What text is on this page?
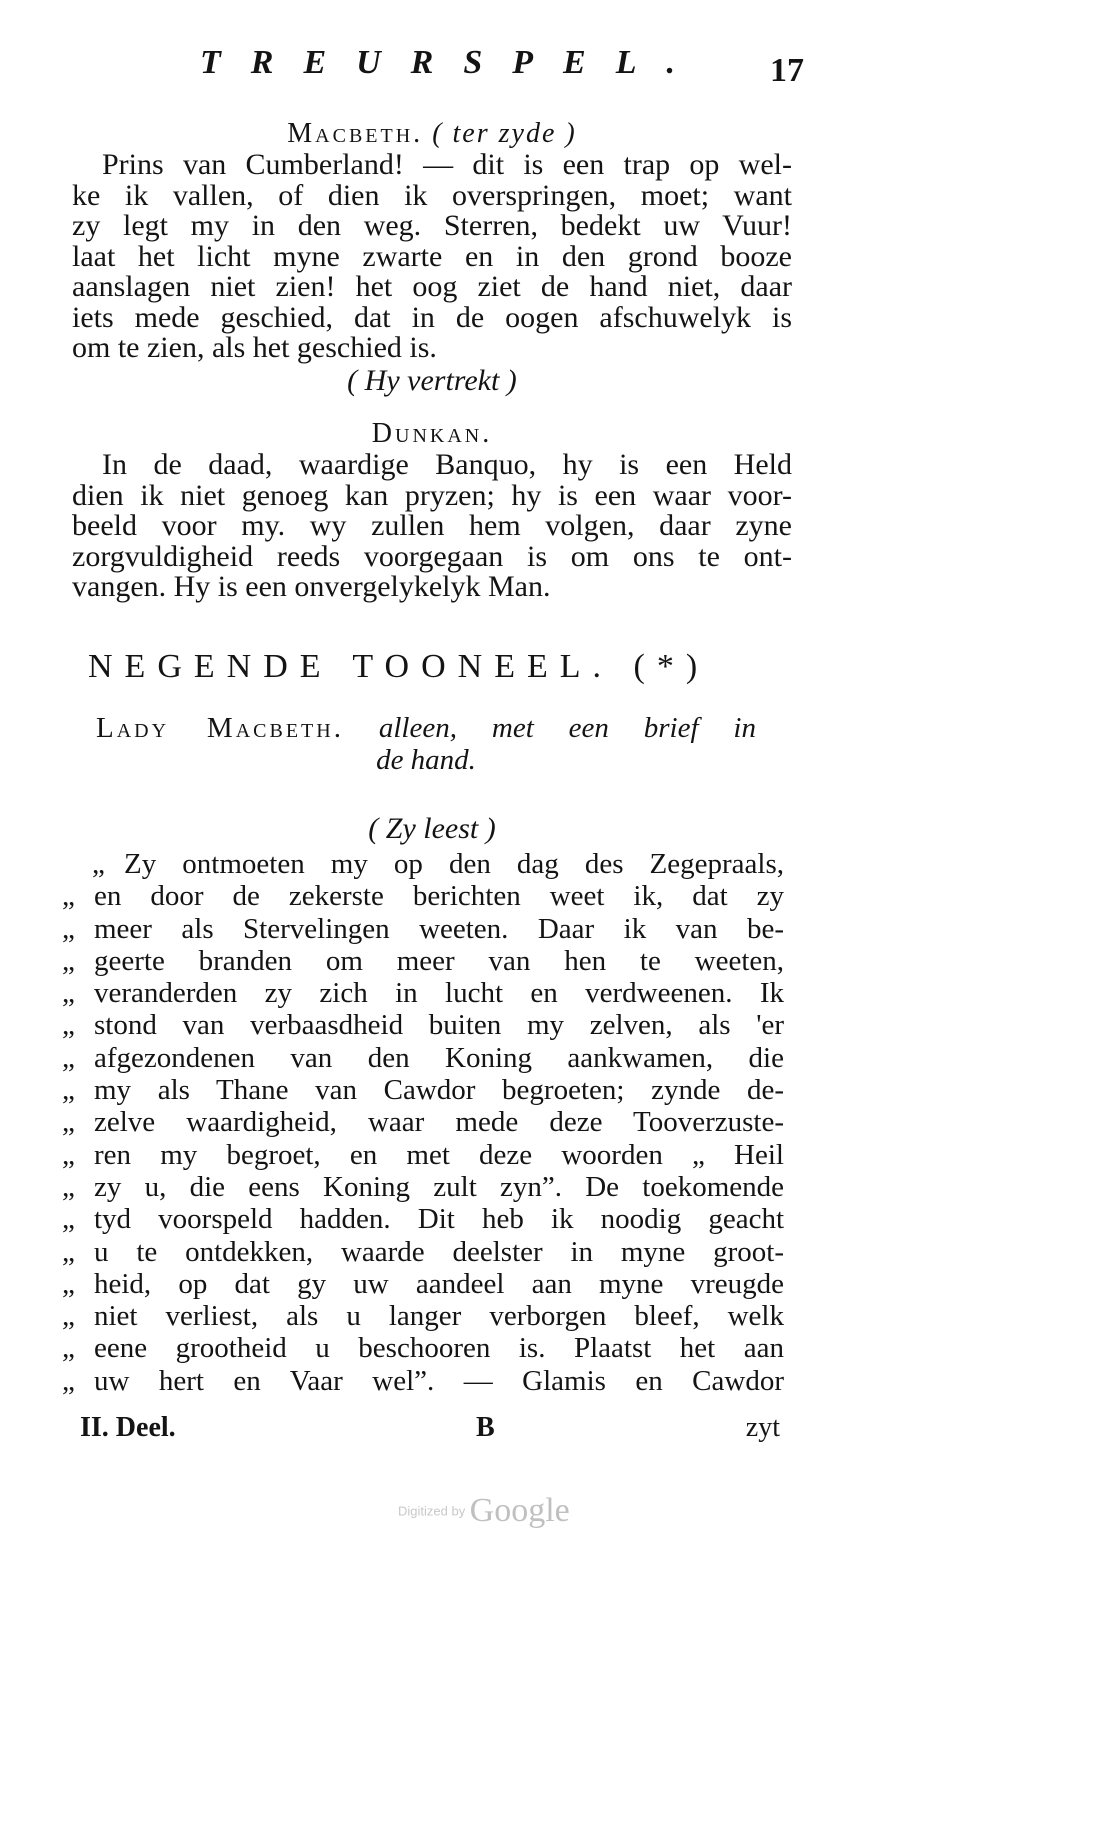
TREURSPEL.	17
Macbeth. ( ter zyde )
Prins van Cumberland! — dit is een trap op wel-
ke ik vallen, of dien ik overspringen, moet; want
zy legt my in den weg. Sterren, bedekt uw Vuur!
laat het licht myne zwarte en in den grond booze
aanslagen niet zien! het oog ziet de hand niet, daar
iets mede geschied, dat in de oogen afschuwelyk is
om te zien, als het geschied is.
( Hy vertrekt )
Dunkan.
In de daad, waardige Banquo, hy is een Held
dien ik niet genoeg kan pryzen; hy is een waar voor-
beeld voor my. wy zullen hem volgen, daar zyne
zorgvuldigheid reeds voorgegaan is om ons te ont-
vangen. Hy is een onvergelykelyk Man.
NEGENDE TOONEEL. (*)
Lady Macbeth. alleen, met een brief in
de hand.
( Zy leest )
„ Zy ontmoeten my op den dag des Zegepraals,
„ en door de zekerste berichten weet ik, dat zy
„ meer als Stervelingen weeten. Daar ik van be-
„ geerte branden om meer van hen te weeten,
„ veranderden zy zich in lucht en verdweenen. Ik
„ stond van verbaasdheid buiten my zelven, als 'er
„ afgezondenen van den Koning aankwamen, die
„ my als Thane van Cawdor begroeten; zynde de-
„ zelve waardigheid, waar mede deze Tooverzuste-
„ ren my begroet, en met deze woorden „ Heil
„ zy u, die eens Koning zult zyn”. De toekomende
„ tyd voorspeld hadden. Dit heb ik noodig geacht
„ u te ontdekken, waarde deelster in myne groot-
„ heid, op dat gy uw aandeel aan myne vreugde
„ niet verliest, als u langer verborgen bleef, welk
„ eene grootheid u beschooren is. Plaatst het aan
„ uw hert en Vaar wel”. — Glamis en Cawdor
II. Deel.	B	zyt
Digitized by Google
